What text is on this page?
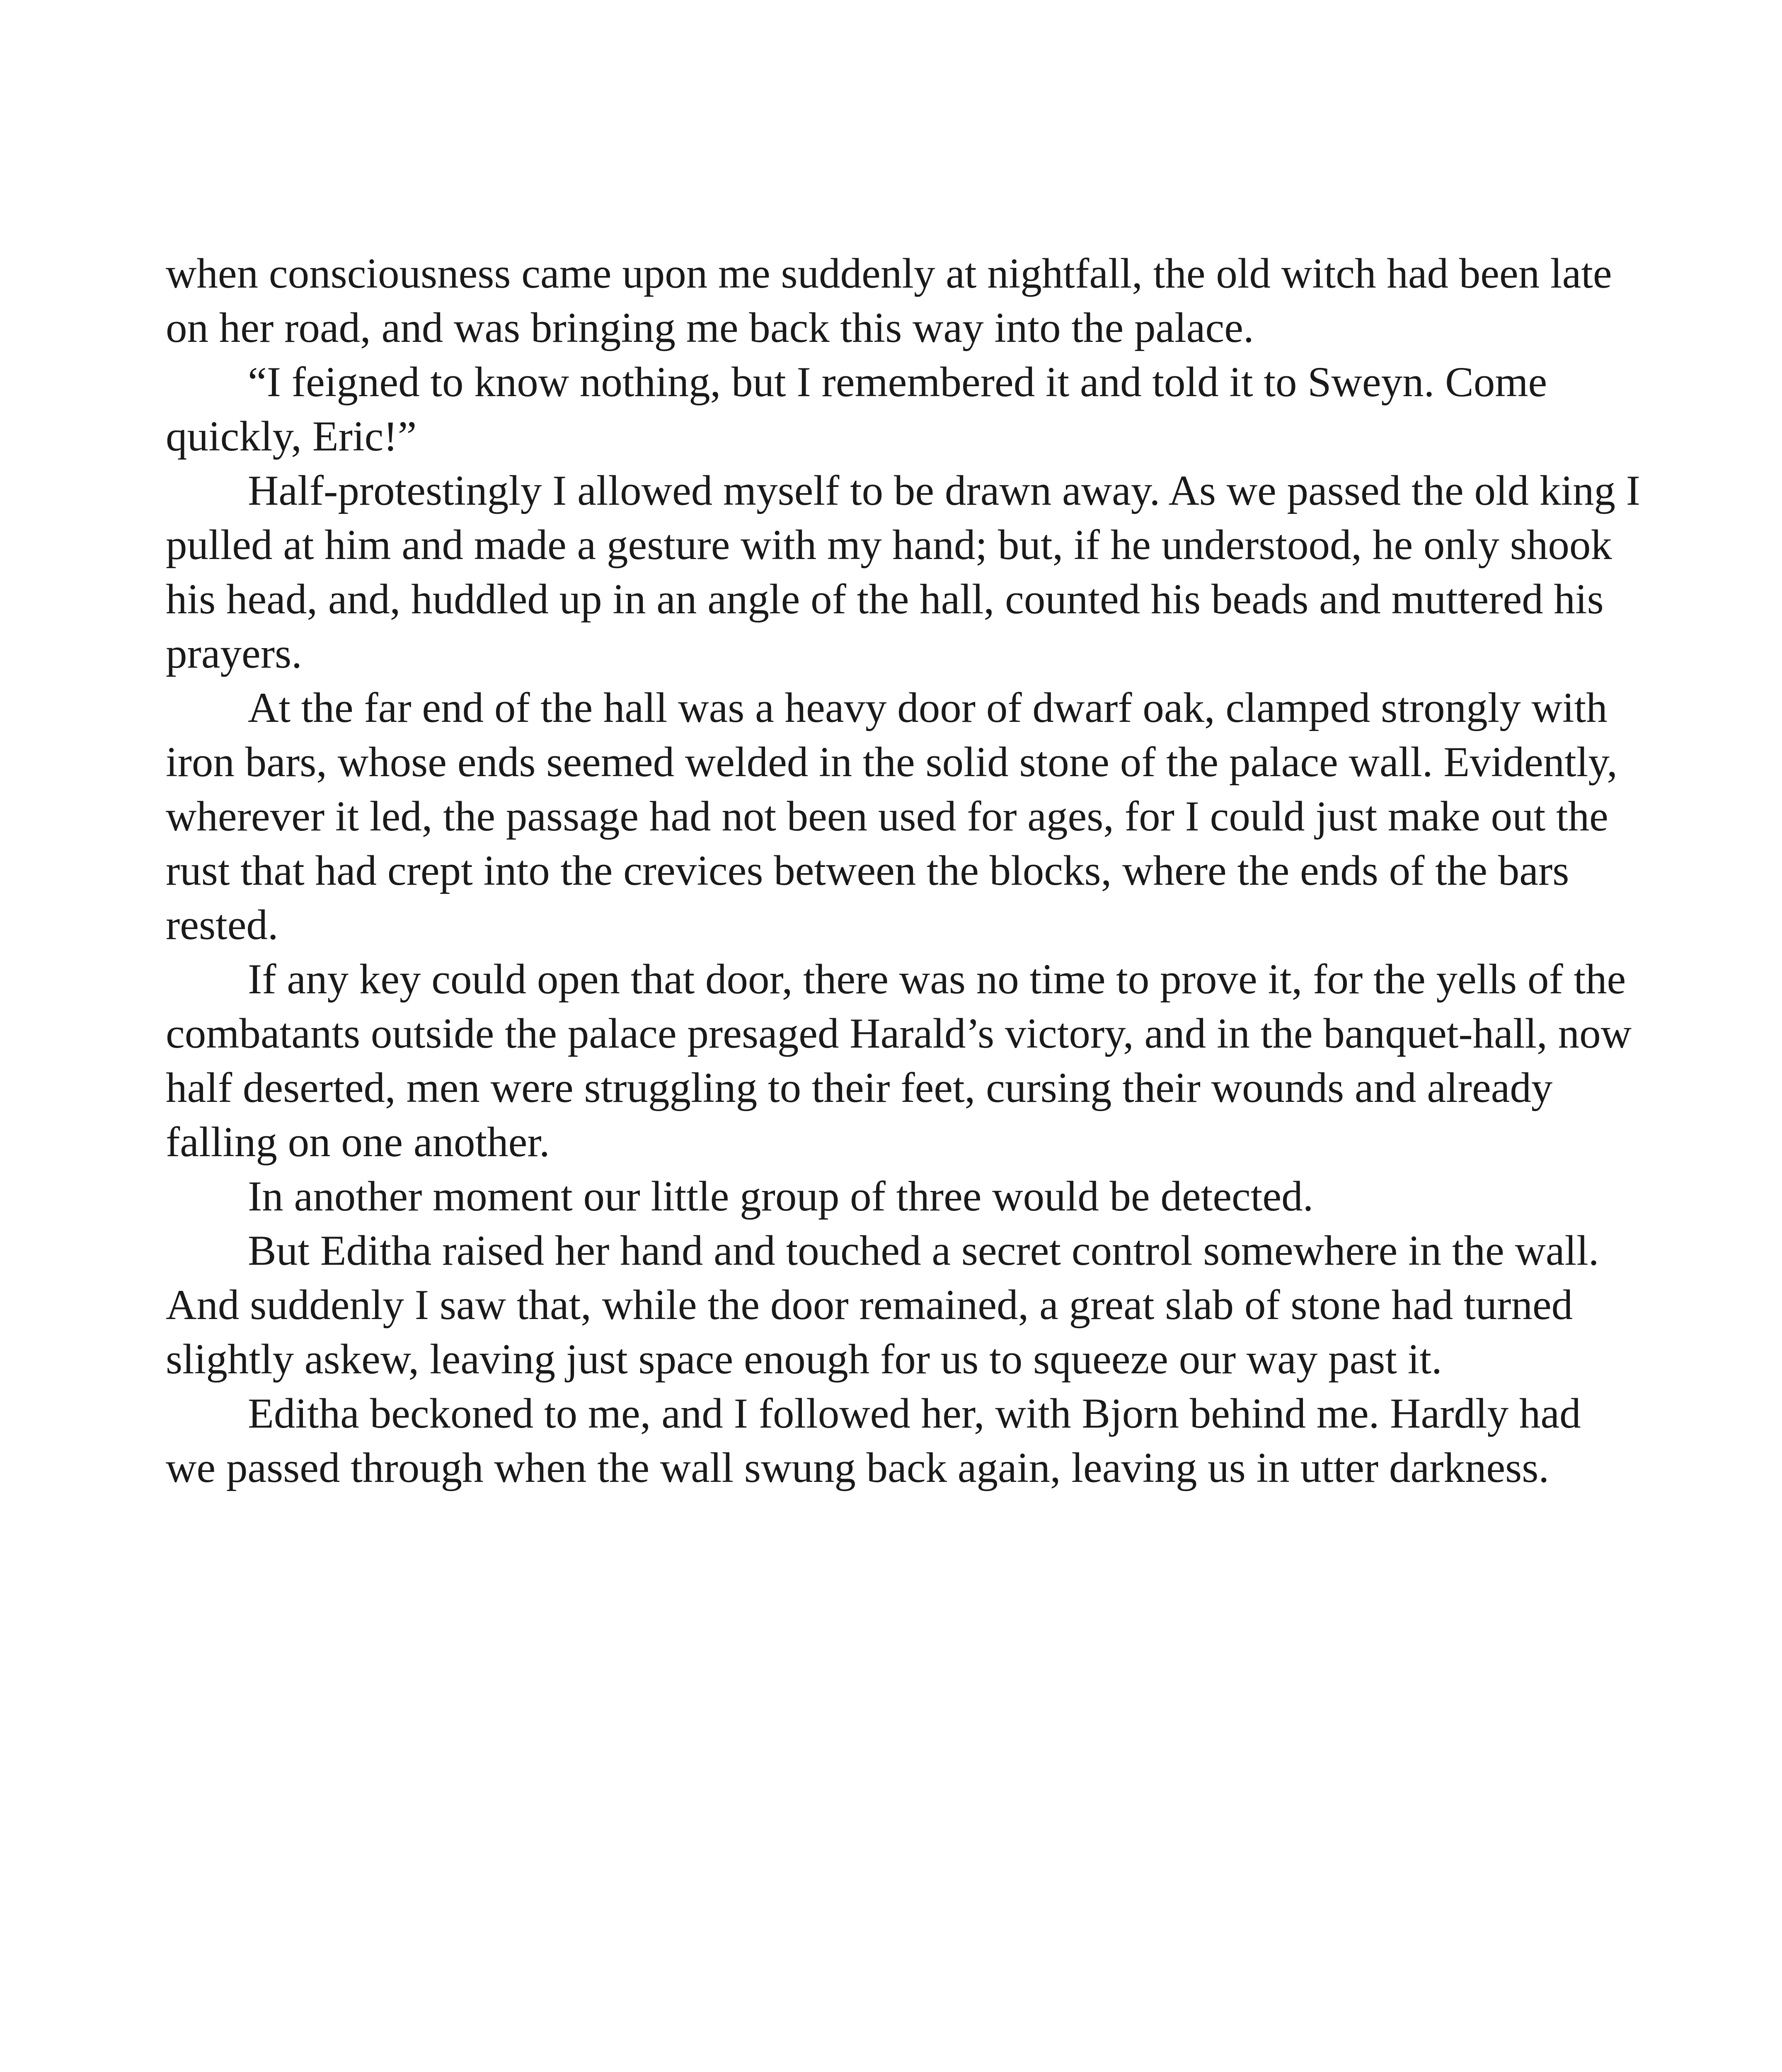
when consciousness came upon me suddenly at nightfall, the old witch had been late on her road, and was bringing me back this way into the palace.

“I feigned to know nothing, but I remembered it and told it to Sweyn. Come quickly, Eric!”

Half-protestingly I allowed myself to be drawn away. As we passed the old king I pulled at him and made a gesture with my hand; but, if he understood, he only shook his head, and, huddled up in an angle of the hall, counted his beads and muttered his prayers.

At the far end of the hall was a heavy door of dwarf oak, clamped strongly with iron bars, whose ends seemed welded in the solid stone of the palace wall. Evidently, wherever it led, the passage had not been used for ages, for I could just make out the rust that had crept into the crevices between the blocks, where the ends of the bars rested.

If any key could open that door, there was no time to prove it, for the yells of the combatants outside the palace presaged Harald’s victory, and in the banquet-hall, now half deserted, men were struggling to their feet, cursing their wounds and already falling on one another.

In another moment our little group of three would be detected.

But Editha raised her hand and touched a secret control somewhere in the wall. And suddenly I saw that, while the door remained, a great slab of stone had turned slightly askew, leaving just space enough for us to squeeze our way past it.

Editha beckoned to me, and I followed her, with Bjorn behind me. Hardly had we passed through when the wall swung back again, leaving us in utter darkness.
